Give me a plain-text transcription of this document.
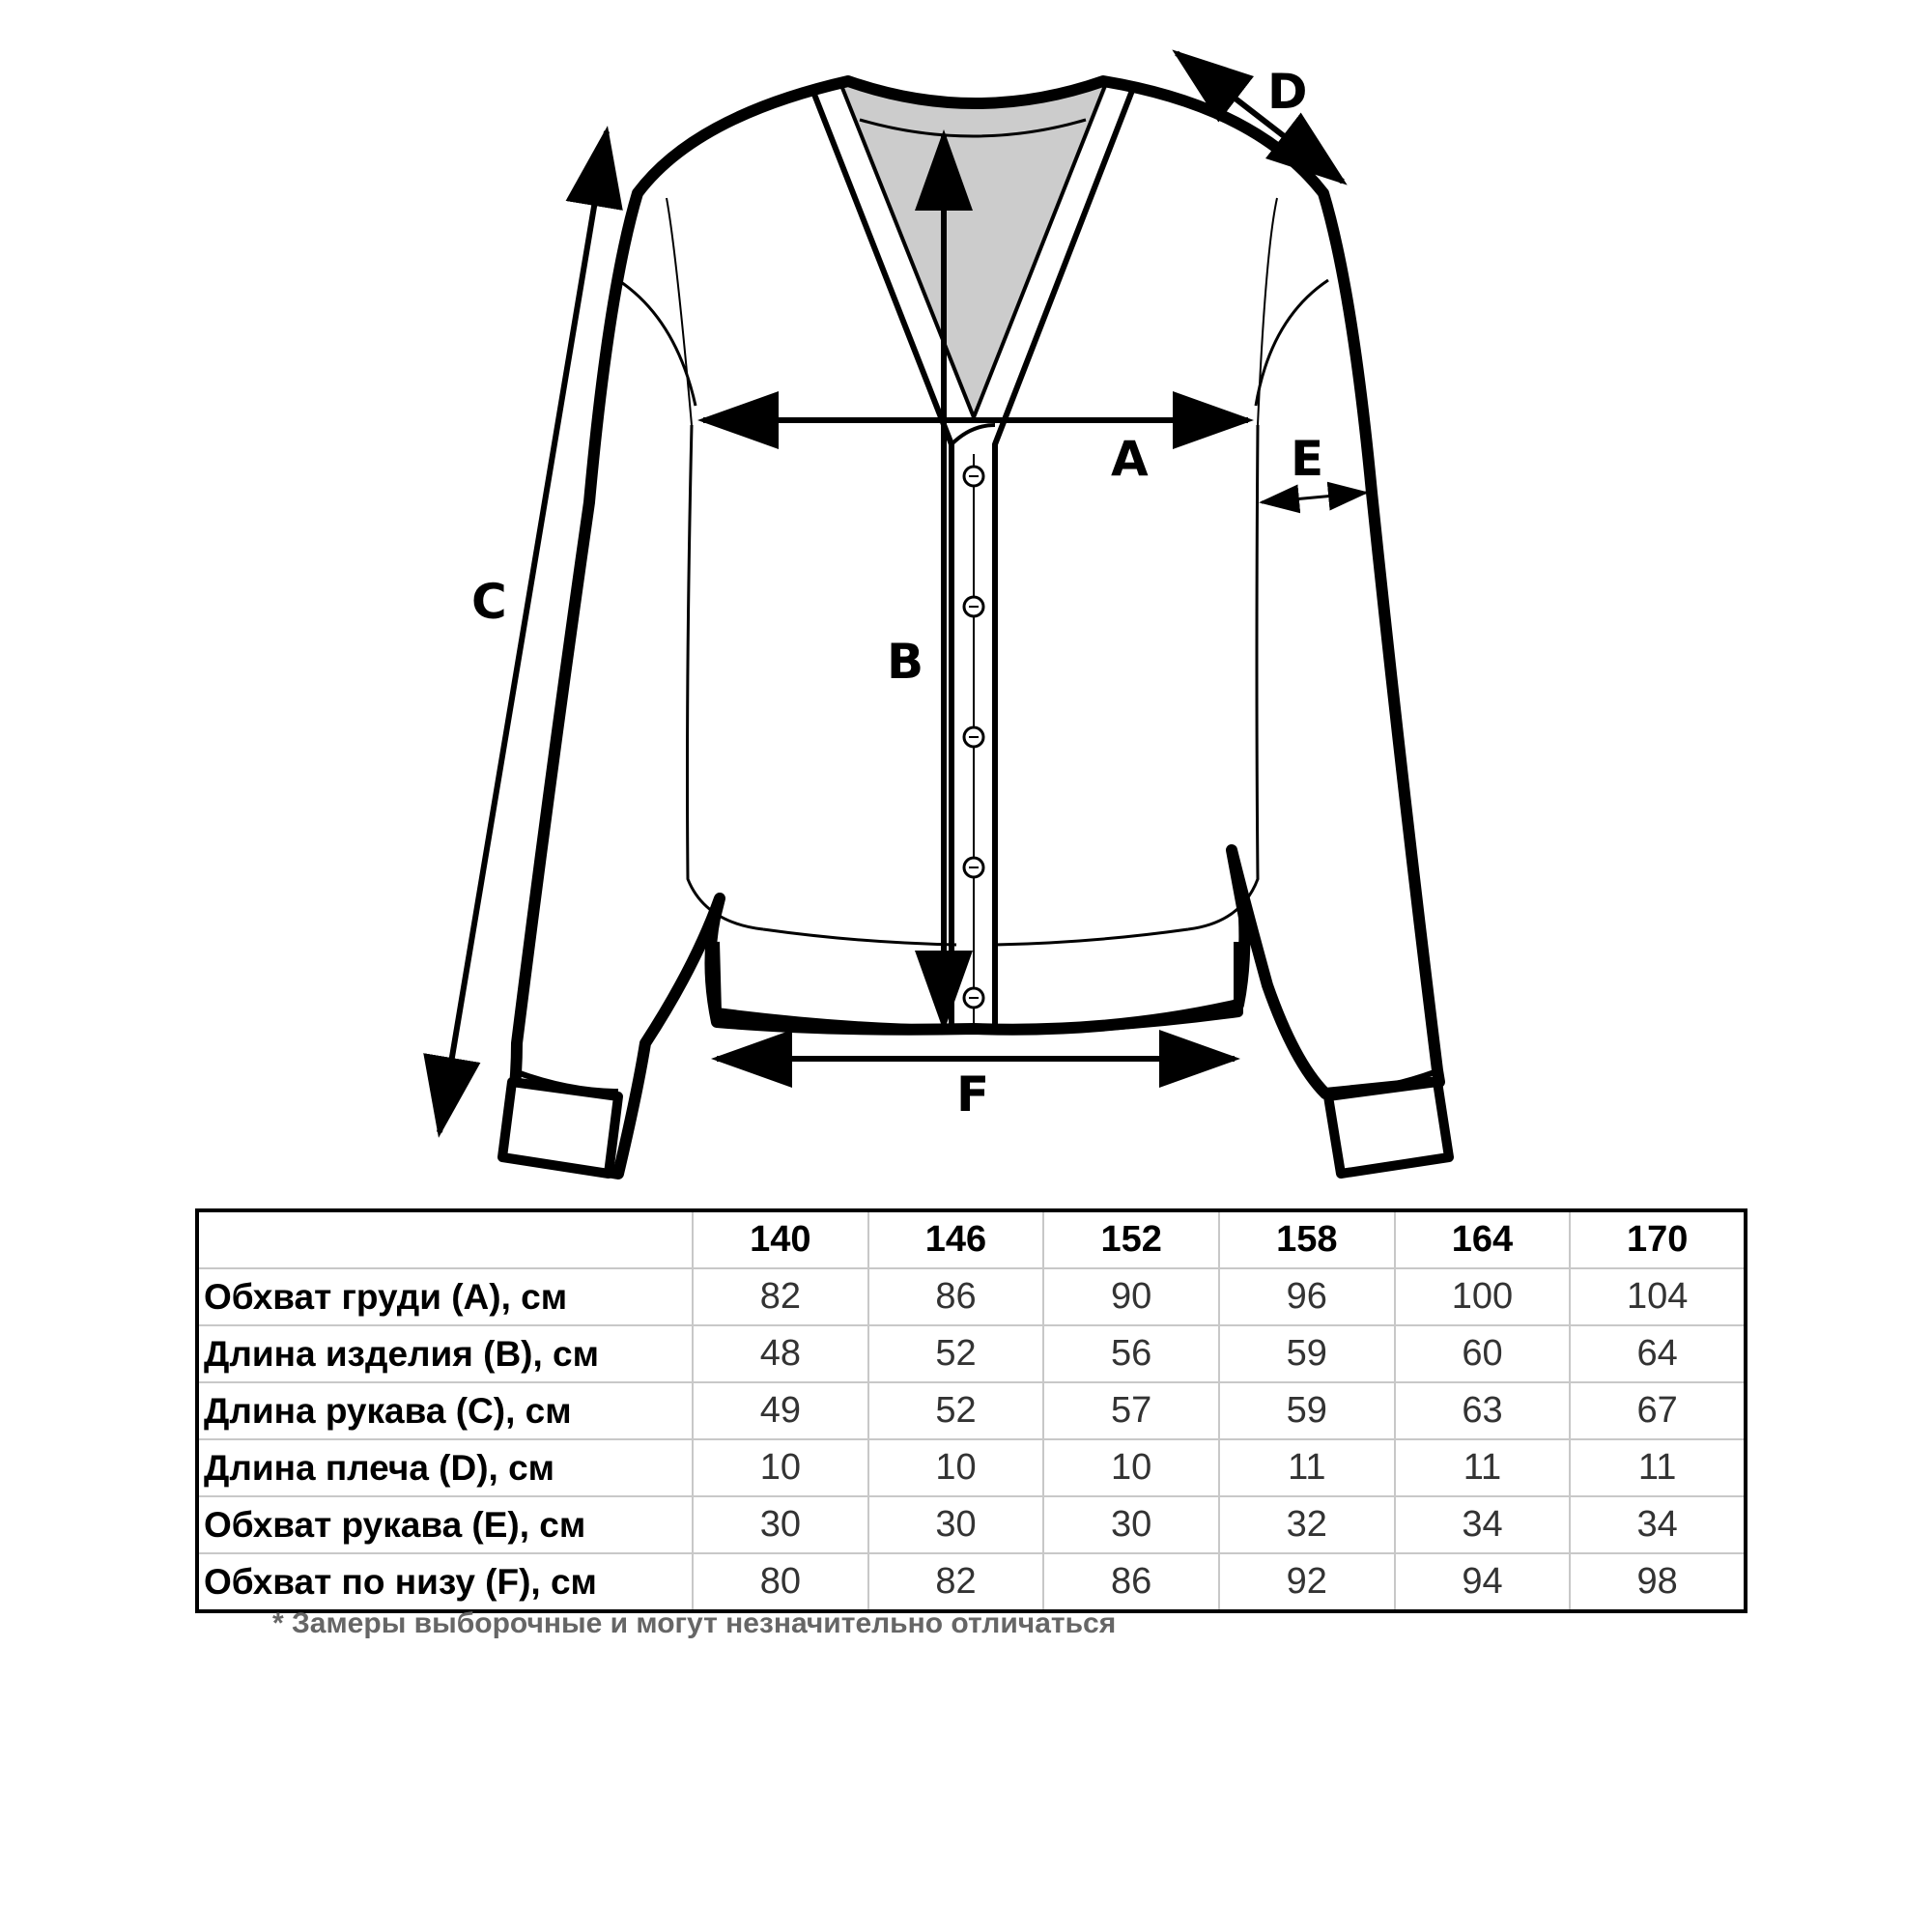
A
B
C
D
E
F
	140	146	152	158	164	170
Обхват груди (A), см	82	86	90	96	100	104
Длина изделия (B), см	48	52	56	59	60	64
Длина рукава (C), см	49	52	57	59	63	67
Длина плеча (D), см	10	10	10	11	11	11
Обхват рукава (E), см	30	30	30	32	34	34
Обхват по низу (F), см	80	82	86	92	94	98
* Замеры выборочные и могут незначительно отличаться
